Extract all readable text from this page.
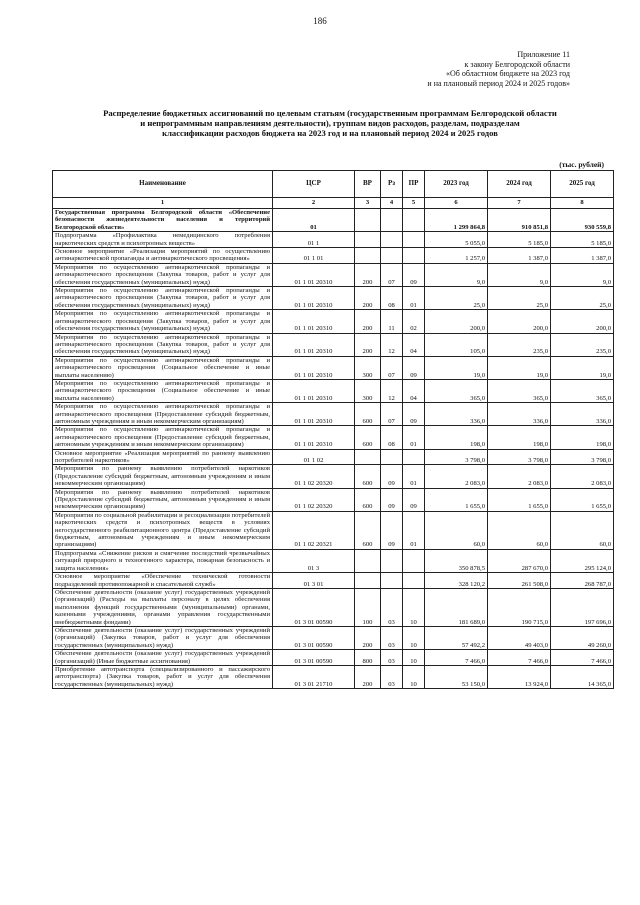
186
Приложение 11
к закону Белгородской области
«Об областном бюджете на 2023 год
и на плановый период 2024 и 2025 годов»
Распределение бюджетных ассигнований по целевым статьям (государственным программам Белгородской области
и непрограммным направлениям деятельности), группам видов расходов, разделам, подразделам
классификации расходов бюджета на 2023 год и на плановый период 2024 и 2025 годов
(тыс. рублей)
Наименование	ЦСР	ВР	Рз	ПР	2023 год	2024 год	2025 год
1	2	3	4	5	6	7	8
Государственная программа Белгородской области «Обеспечение безопасности жизнедеятельности населения и территорий Белгородской области»	01				1 299 864,8	910 851,8	930 559,8
Подпрограмма «Профилактика немедицинского потребления наркотических средств и психотропных веществ»	01 1				5 055,0	5 185,0	5 185,0
Основное мероприятие «Реализация мероприятий по осуществлению антинаркотической пропаганды и антинаркотического просвещения»	01 1 01				1 257,0	1 387,0	1 387,0
Мероприятия по осуществлению антинаркотической пропаганды и антинаркотического просвещения (Закупка товаров, работ и услуг для обеспечения государственных (муниципальных) нужд)	01 1 01 20310	200	07	09	9,0	9,0	9,0
Мероприятия по осуществлению антинаркотической пропаганды и антинаркотического просвещения (Закупка товаров, работ и услуг для обеспечения государственных (муниципальных) нужд)	01 1 01 20310	200	08	01	25,0	25,0	25,0
Мероприятия по осуществлению антинаркотической пропаганды и антинаркотического просвещения (Закупка товаров, работ и услуг для обеспечения государственных (муниципальных) нужд)	01 1 01 20310	200	11	02	200,0	200,0	200,0
Мероприятия по осуществлению антинаркотической пропаганды и антинаркотического просвещения (Закупка товаров, работ и услуг для обеспечения государственных (муниципальных) нужд)	01 1 01 20310	200	12	04	105,0	235,0	235,0
Мероприятия по осуществлению антинаркотической пропаганды и антинаркотического просвещения (Социальное обеспечение и иные выплаты населению)	01 1 01 20310	300	07	09	19,0	19,0	19,0
Мероприятия по осуществлению антинаркотической пропаганды и антинаркотического просвещения (Социальное обеспечение и иные выплаты населению)	01 1 01 20310	300	12	04	365,0	365,0	365,0
Мероприятия по осуществлению антинаркотической пропаганды и антинаркотического просвещения (Предоставление субсидий бюджетным, автономным учреждениям и иным некоммерческим организациям)	01 1 01 20310	600	07	09	336,0	336,0	336,0
Мероприятия по осуществлению антинаркотической пропаганды и антинаркотического просвещения (Предоставление субсидий бюджетным, автономным учреждениям и иным некоммерческим организациям)	01 1 01 20310	600	08	01	198,0	198,0	198,0
Основное мероприятие «Реализация мероприятий по раннему выявлению потребителей наркотиков»	01 1 02				3 798,0	3 798,0	3 798,0
Мероприятия по раннему выявлению потребителей наркотиков (Предоставление субсидий бюджетным, автономным учреждениям и иным некоммерческим организациям)	01 1 02 20320	600	09	01	2 083,0	2 083,0	2 083,0
Мероприятия по раннему выявлению потребителей наркотиков (Предоставление субсидий бюджетным, автономным учреждениям и иным некоммерческим организациям)	01 1 02 20320	600	09	09	1 655,0	1 655,0	1 655,0
Мероприятия по социальной реабилитации и ресоциализации потребителей наркотических средств и психотропных веществ в условиях негосударственного реабилитационного центра (Предоставление субсидий бюджетным, автономным учреждениям и иным некоммерческим организациям)	01 1 02 20321	600	09	01	60,0	60,0	60,0
Подпрограмма «Снижение рисков и смягчение последствий чрезвычайных ситуаций природного и техногенного характера, пожарная безопасность и защита населения»	01 3				350 878,5	287 670,0	295 124,0
Основное мероприятие «Обеспечение технической готовности подразделений противопожарной и спасательной служб»	01 3 01				328 120,2	261 508,0	268 787,0
Обеспечение деятельности (оказание услуг) государственных учреждений (организаций) (Расходы на выплаты персоналу в целях обеспечения выполнения функций государственными (муниципальными) органами, казенными учреждениями, органами управления государственными внебюджетными фондами)	01 3 01 00590	100	03	10	181 689,0	190 715,0	197 696,0
Обеспечение деятельности (оказание услуг) государственных учреждений (организаций) (Закупка товаров, работ и услуг для обеспечения государственных (муниципальных) нужд)	01 3 01 00590	200	03	10	57 492,2	49 403,0	49 260,0
Обеспечение деятельности (оказание услуг) государственных учреждений (организаций) (Иные бюджетные ассигнования)	01 3 01 00590	800	03	10	7 466,0	7 466,0	7 466,0
Приобретение автотранспорта (специализированного и пассажирского автотранспорта) (Закупка товаров, работ и услуг для обеспечения государственных (муниципальных) нужд)	01 3 01 21710	200	03	10	53 150,0	13 924,0	14 365,0
